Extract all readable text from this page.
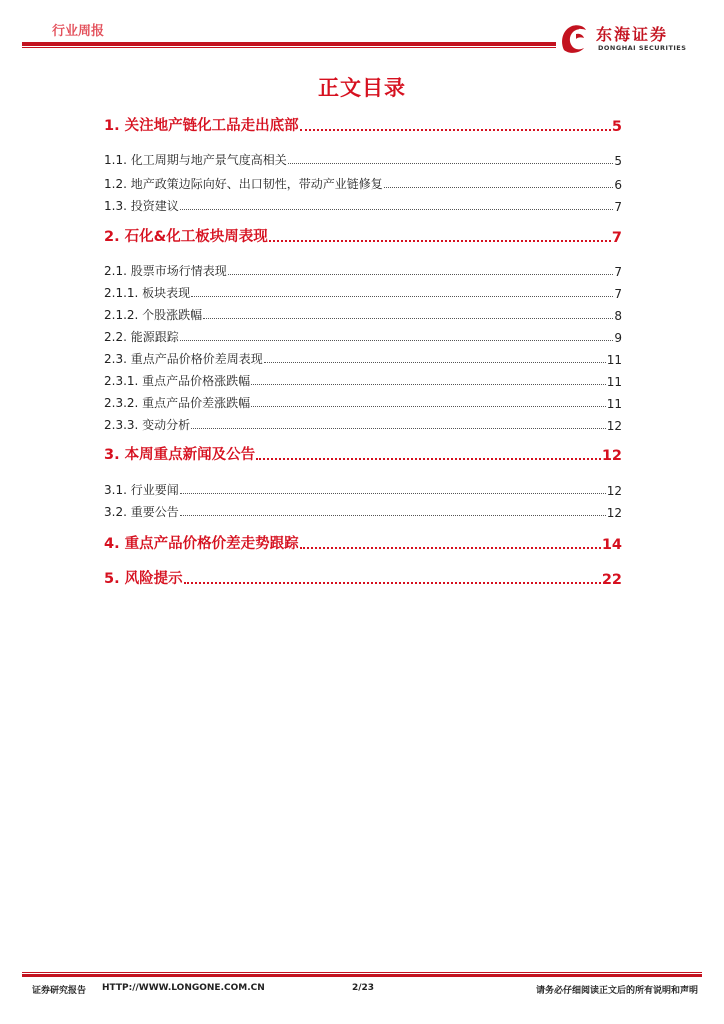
行业周报	东海证券
DONGHAI SECURITIES
正文目录
1. 关注地产链化工品走出底部	5
1.1. 化工周期与地产景气度高相关	5
1.2. 地产政策边际向好、出口韧性，带动产业链修复	6
1.3. 投资建议	7
2. 石化&化工板块周表现	7
2.1. 股票市场行情表现	7
2.1.1. 板块表现	7
2.1.2. 个股涨跌幅	8
2.2. 能源跟踪	9
2.3. 重点产品价格价差周表现	11
2.3.1. 重点产品价格涨跌幅	11
2.3.2. 重点产品价差涨跌幅	11
2.3.3. 变动分析	12
3. 本周重点新闻及公告	12
3.1. 行业要闻	12
3.2. 重要公告	12
4. 重点产品价格价差走势跟踪	14
5. 风险提示	22
证券研究报告 HTTP://WWW.LONGONE.COM.CN	2/23	请务必仔细阅读正文后的所有说明和声明
